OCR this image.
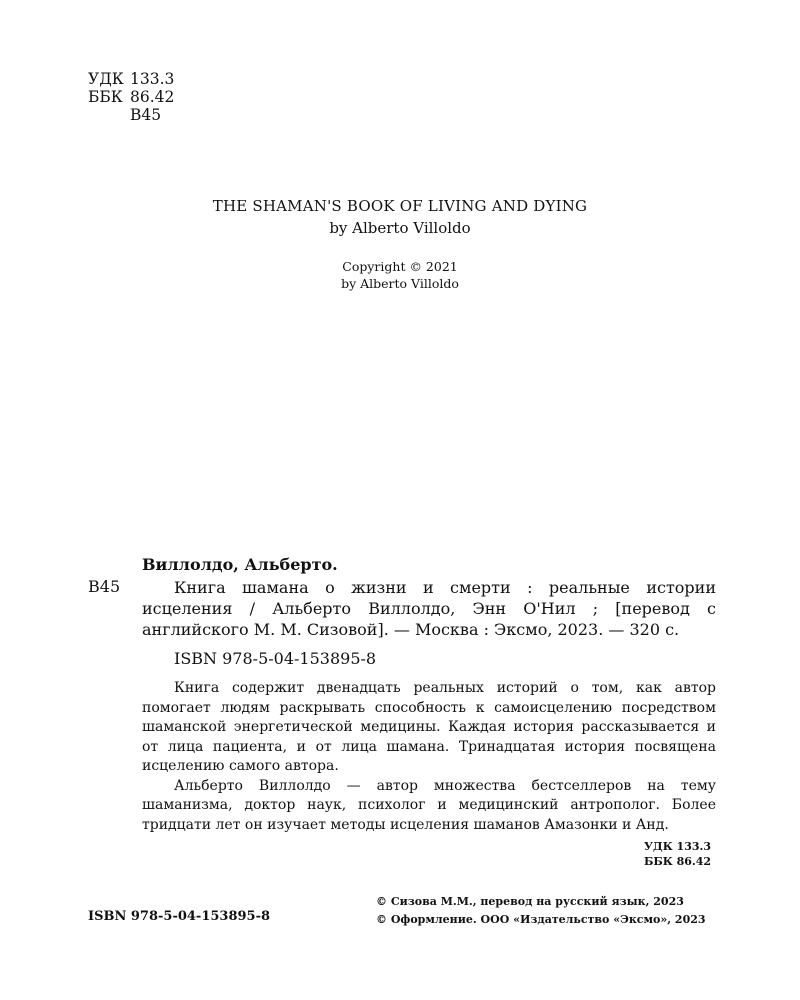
УДК 133.3
ББК 86.42
В45
THE SHAMAN'S BOOK OF LIVING AND DYING
by Alberto Villoldo
Copyright © 2021
by Alberto Villoldo
Виллолдо, Альберто.
В45	Книга шамана о жизни и смерти : реальные истории исцеления / Альберто Виллолдо, Энн О'Нил ; [перевод с английского М. М. Сизовой]. — Москва : Эксмо, 2023. — 320 с.
ISBN 978-5-04-153895-8

Книга содержит двенадцать реальных историй о том, как автор помогает людям раскрывать способность к самоисцелению посредством шаманской энергетической медицины. Каждая история рассказывается и от лица пациента, и от лица шамана. Тринадцатая история посвящена исцелению самого автора.

Альберто Виллолдо — автор множества бестселлеров на тему шаманизма, доктор наук, психолог и медицинский антрополог. Более тридцати лет он изучает методы исцеления шаманов Амазонки и Анд.

УДК 133.3
ББК 86.42
ISBN 978-5-04-153895-8
© Сизова М.М., перевод на русский язык, 2023
© Оформление. ООО «Издательство «Эксмо», 2023
